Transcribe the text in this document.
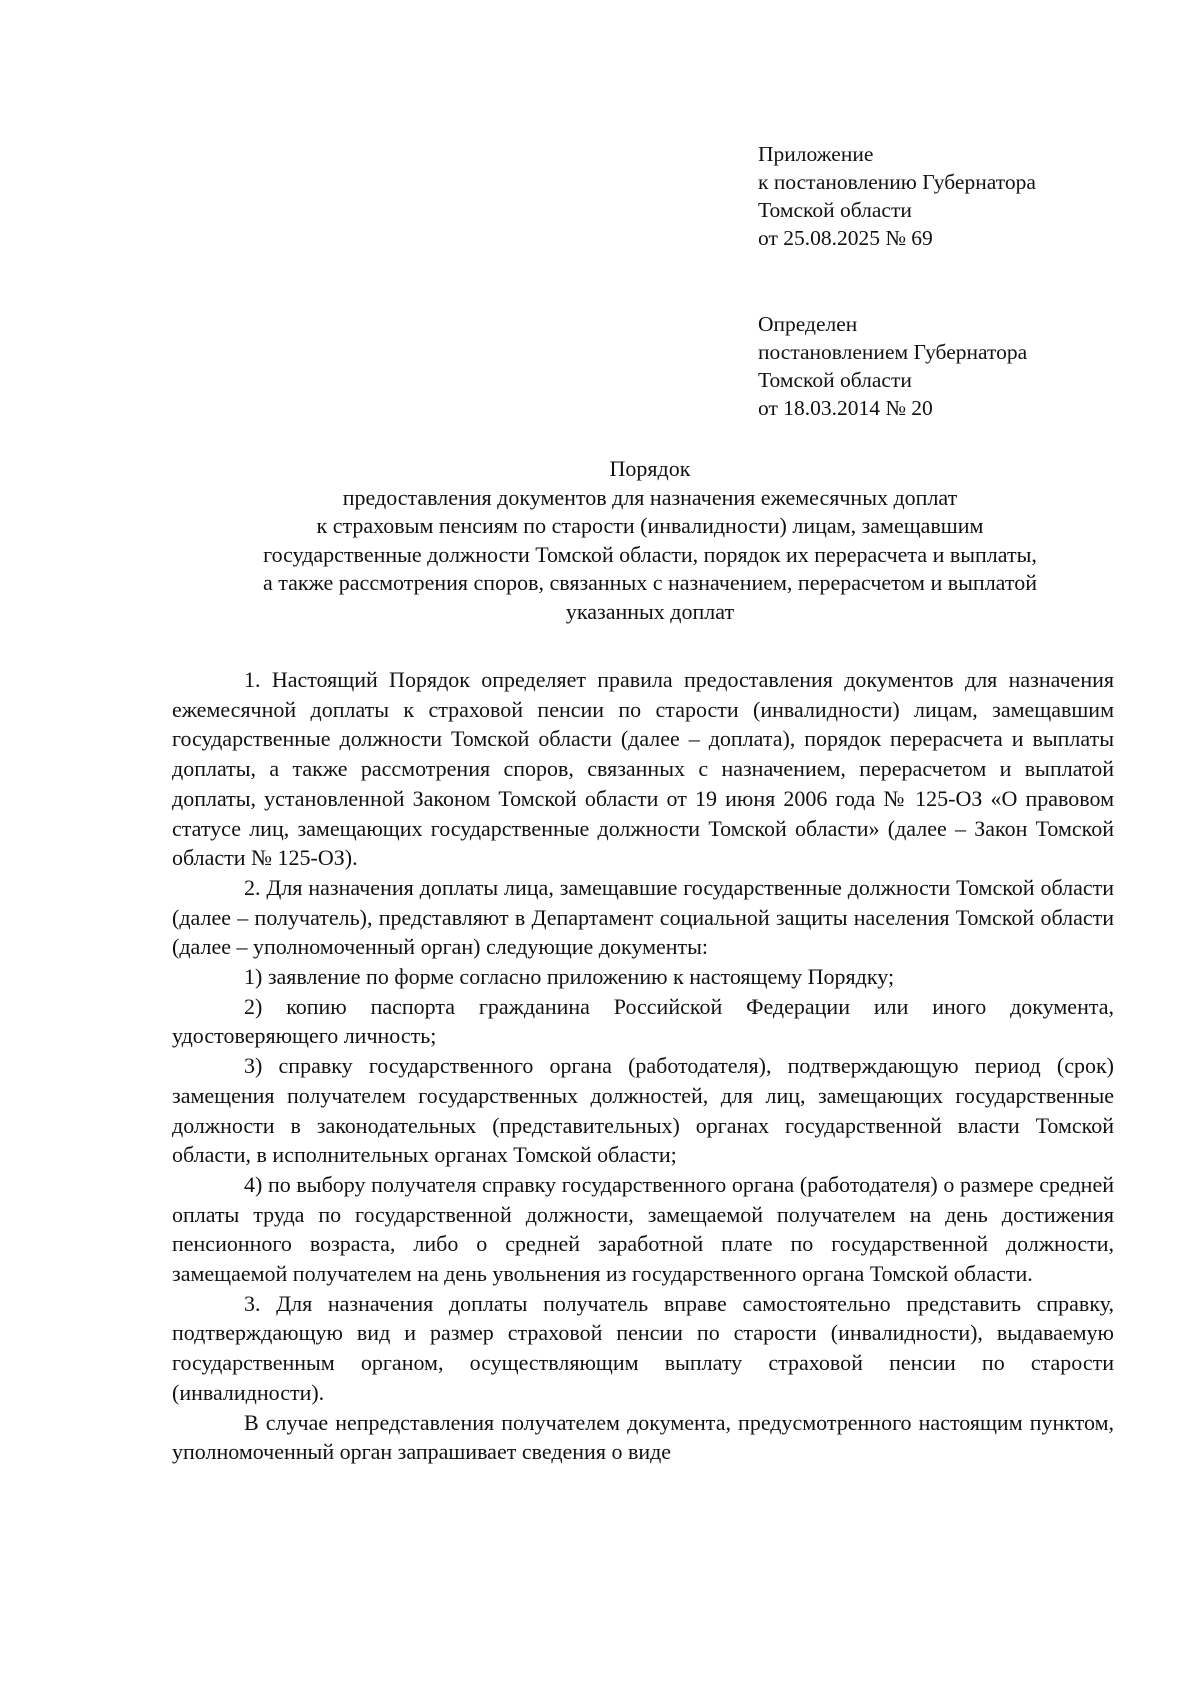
Приложение
к постановлению Губернатора
Томской области
от 25.08.2025 № 69
Определен
постановлением Губернатора
Томской области
от 18.03.2014 № 20
Порядок
предоставления документов для назначения ежемесячных доплат
к страховым пенсиям по старости (инвалидности) лицам, замещавшим
государственные должности Томской области, порядок их перерасчета и выплаты,
а также рассмотрения споров, связанных с назначением, перерасчетом и выплатой
указанных доплат

1. Настоящий Порядок определяет правила предоставления документов для назначения ежемесячной доплаты к страховой пенсии по старости (инвалидности) лицам, замещавшим государственные должности Томской области (далее – доплата), порядок перерасчета и выплаты доплаты, а также рассмотрения споров, связанных с назначением, перерасчетом и выплатой доплаты, установленной Законом Томской области от 19 июня 2006 года № 125-ОЗ «О правовом статусе лиц, замещающих государственные должности Томской области» (далее – Закон Томской области № 125-ОЗ).

2. Для назначения доплаты лица, замещавшие государственные должности Томской области (далее – получатель), представляют в Департамент социальной защиты населения Томской области (далее – уполномоченный орган) следующие документы:

1) заявление по форме согласно приложению к настоящему Порядку;

2) копию паспорта гражданина Российской Федерации или иного документа, удостоверяющего личность;

3) справку государственного органа (работодателя), подтверждающую период (срок) замещения получателем государственных должностей, для лиц, замещающих государственные должности в законодательных (представительных) органах государственной власти Томской области, в исполнительных органах Томской области;

4) по выбору получателя справку государственного органа (работодателя) о размере средней оплаты труда по государственной должности, замещаемой получателем на день достижения пенсионного возраста, либо о средней заработной плате по государственной должности, замещаемой получателем на день увольнения из государственного органа Томской области.

3. Для назначения доплаты получатель вправе самостоятельно представить справку, подтверждающую вид и размер страховой пенсии по старости (инвалидности), выдаваемую государственным органом, осуществляющим выплату страховой пенсии по старости (инвалидности).

В случае непредставления получателем документа, предусмотренного настоящим пунктом, уполномоченный орган запрашивает сведения о виде
